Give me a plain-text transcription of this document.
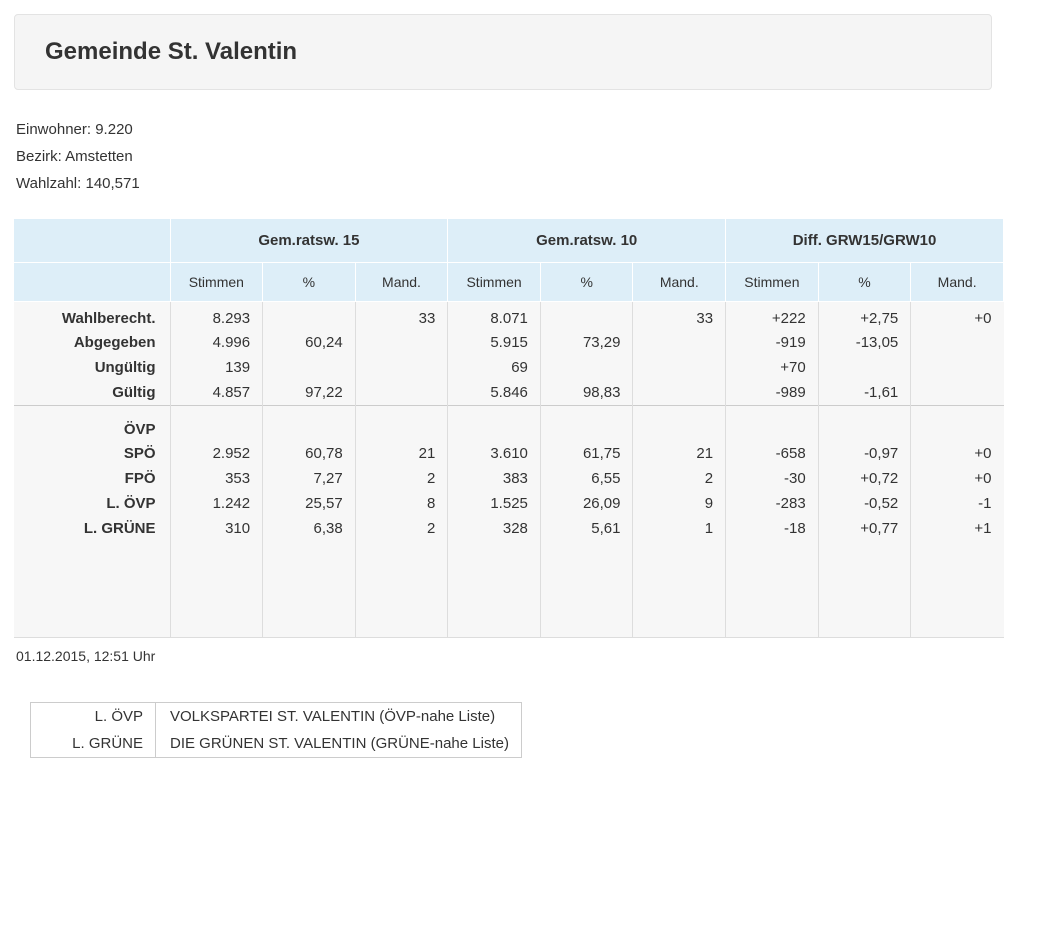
Gemeinde St. Valentin
Einwohner: 9.220
Bezirk: Amstetten
Wahlzahl: 140,571
	Gem.ratsw. 15			Gem.ratsw. 10			Diff. GRW15/GRW10		
	Stimmen	%	Mand.	Stimmen	%	Mand.	Stimmen	%	Mand.
Wahlberecht.	8.293		33	8.071		33	+222	+2,75	+0
Abgegeben	4.996	60,24		5.915	73,29		-919	-13,05	
Ungültig	139			69			+70		
Gültig	4.857	97,22		5.846	98,83		-989	-1,61	

ÖVP									
SPÖ	2.952	60,78	21	3.610	61,75	21	-658	-0,97	+0
FPÖ	353	7,27	2	383	6,55	2	-30	+0,72	+0
L. ÖVP	1.242	25,57	8	1.525	26,09	9	-283	-0,52	-1
L. GRÜNE	310	6,38	2	328	5,61	1	-18	+0,77	+1

01.12.2015, 12:51 Uhr
L. ÖVP	VOLKSPARTEI ST. VALENTIN (ÖVP-nahe Liste)
L. GRÜNE	DIE GRÜNEN ST. VALENTIN (GRÜNE-nahe Liste)
